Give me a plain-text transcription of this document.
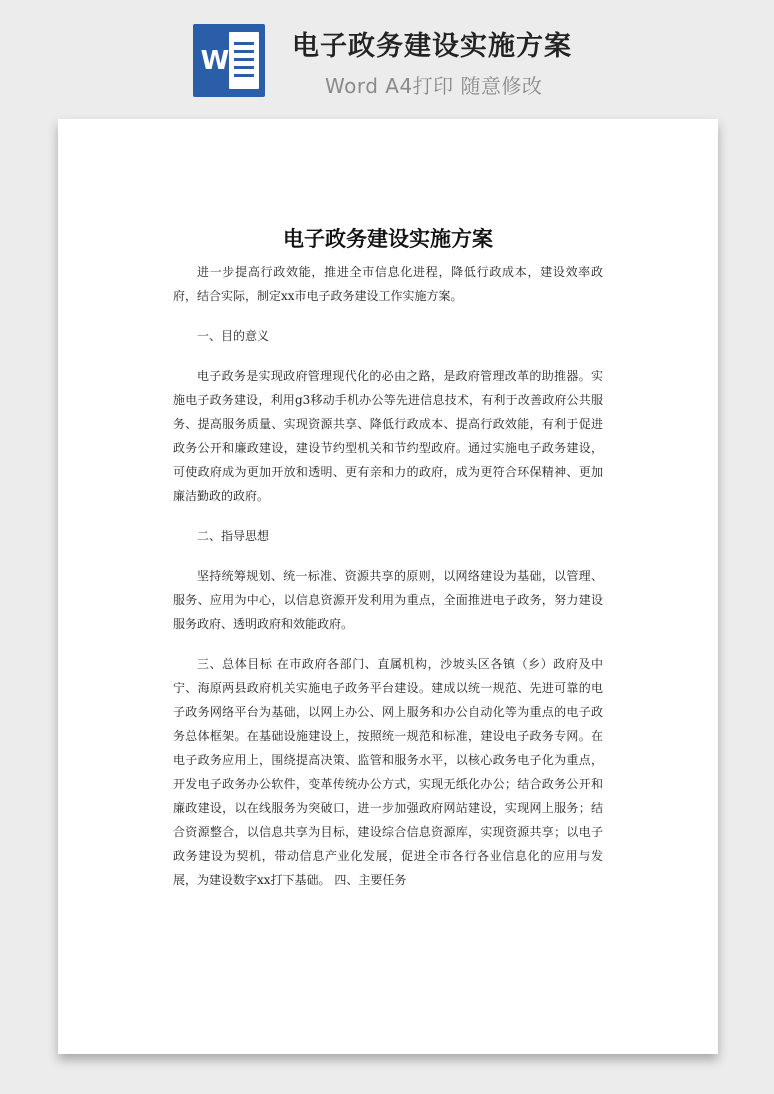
W 电子政务建设实施方案
Word A4打印 随意修改
电子政务建设实施方案

进一步提高行政效能，推进全市信息化进程，降低行政成本，建设效率政府，结合实际，制定xx市电子政务建设工作实施方案。

一、目的意义

电子政务是实现政府管理现代化的必由之路，是政府管理改革的助推器。实施电子政务建设，利用g3移动手机办公等先进信息技术，有利于改善政府公共服务、提高服务质量、实现资源共享、降低行政成本、提高行政效能，有利于促进政务公开和廉政建设，建设节约型机关和节约型政府。通过实施电子政务建设，可使政府成为更加开放和透明、更有亲和力的政府，成为更符合环保精神、更加廉洁勤政的政府。

二、指导思想

坚持统筹规划、统一标准、资源共享的原则，以网络建设为基础，以管理、服务、应用为中心，以信息资源开发利用为重点，全面推进电子政务，努力建设服务政府、透明政府和效能政府。

三、总体目标 在市政府各部门、直属机构，沙坡头区各镇（乡）政府及中宁、海原两县政府机关实施电子政务平台建设。建成以统一规范、先进可靠的电子政务网络平台为基础，以网上办公、网上服务和办公自动化等为重点的电子政务总体框架。在基础设施建设上，按照统一规范和标准，建设电子政务专网。在电子政务应用上，围绕提高决策、监管和服务水平，以核心政务电子化为重点，开发电子政务办公软件，变革传统办公方式，实现无纸化办公；结合政务公开和廉政建设，以在线服务为突破口，进一步加强政府网站建设，实现网上服务；结合资源整合，以信息共享为目标，建设综合信息资源库，实现资源共享；以电子政务建设为契机，带动信息产业化发展，促进全市各行各业信息化的应用与发展，为建设数字xx打下基础。 四、主要任务
